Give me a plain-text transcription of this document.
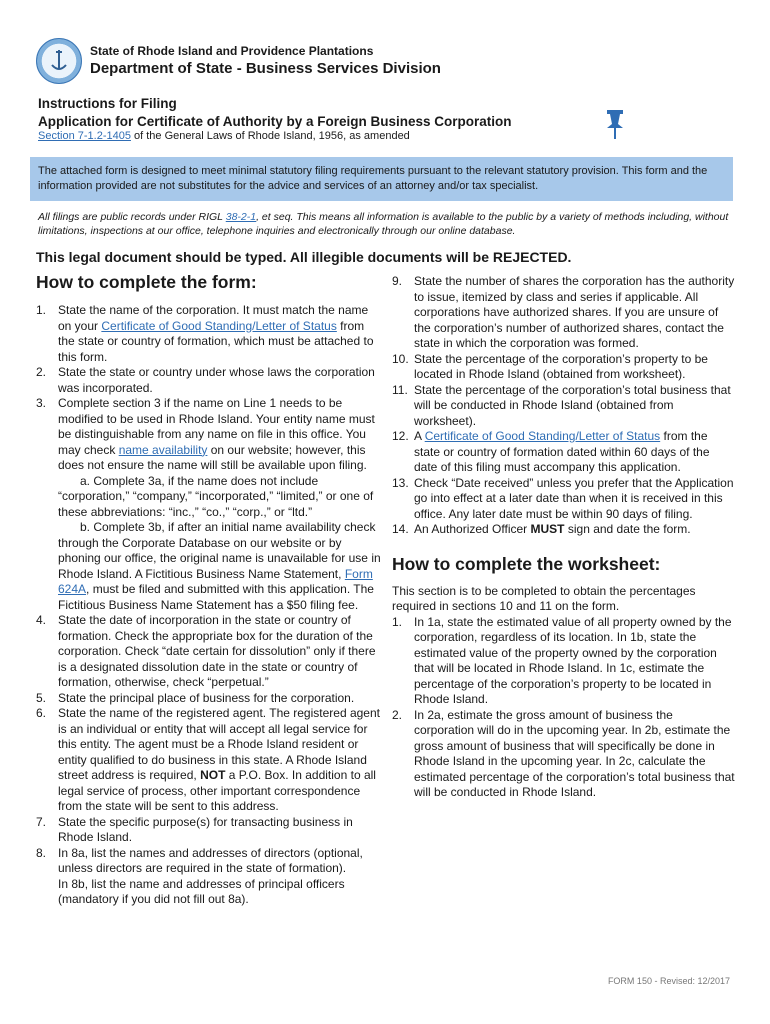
1636
State of Rhode Island and Providence Plantations
Department of State - Business Services Division
Instructions for Filing
Application for Certificate of Authority by a Foreign Business Corporation
Section 7-1.2-1405 of the General Laws of Rhode Island, 1956, as amended
The attached form is designed to meet minimal statutory filing requirements pursuant to the relevant statutory provision. This form and the information provided are not substitutes for the advice and services of an attorney and/or tax specialist.
All filings are public records under RIGL 38-2-1, et seq. This means all information is available to the public by a variety of methods including, without limitations, inspections at our office, telephone inquiries and electronically through our online database.
This legal document should be typed. All illegible documents will be REJECTED.
How to complete the form:
1. State the name of the corporation. It must match the name on your Certificate of Good Standing/Letter of Status from the state or country of formation, which must be attached to this form.
2. State the state or country under whose laws the corporation was incorporated.
3. Complete section 3 if the name on Line 1 needs to be modified to be used in Rhode Island. Your entity name must be distinguishable from any name on file in this office. You may check name availability on our website; however, this does not ensure the name will still be available upon filing.
a. Complete 3a, if the name does not include “corporation,” “company,” “incorporated,” “limited,” or one of these abbreviations: “inc.,” “co.,” “corp.,” or “ltd.”
b. Complete 3b, if after an initial name availability check through the Corporate Database on our website or by phoning our office, the original name is unavailable for use in Rhode Island. A Fictitious Business Name Statement, Form 624A, must be filed and submitted with this application. The Fictitious Business Name Statement has a $50 filing fee.
4. State the date of incorporation in the state or country of formation. Check the appropriate box for the duration of the corporation. Check “date certain for dissolution” only if there is a designated dissolution date in the state or country of formation, otherwise, check “perpetual.”
5. State the principal place of business for the corporation.
6. State the name of the registered agent. The registered agent is an individual or entity that will accept all legal service for this entity. The agent must be a Rhode Island resident or entity qualified to do business in this state. A Rhode Island street address is required, NOT a P.O. Box. In addition to all legal service of process, other important correspondence from the state will be sent to this address.
7. State the specific purpose(s) for transacting business in Rhode Island.
8. In 8a, list the names and addresses of directors (optional, unless directors are required in the state of formation).
In 8b, list the name and addresses of principal officers (mandatory if you did not fill out 8a).
9. State the number of shares the corporation has the authority to issue, itemized by class and series if applicable. All corporations have authorized shares. If you are unsure of the corporation’s number of authorized shares, contact the state in which the corporation was formed.
10. State the percentage of the corporation’s property to be located in Rhode Island (obtained from worksheet).
11. State the percentage of the corporation’s total business that will be conducted in Rhode Island (obtained from worksheet).
12. A Certificate of Good Standing/Letter of Status from the state or country of formation dated within 60 days of the date of this filing must accompany this application.
13. Check “Date received” unless you prefer that the Application go into effect at a later date than when it is received in this office. Any later date must be within 90 days of filing.
14. An Authorized Officer MUST sign and date the form.
How to complete the worksheet:
This section is to be completed to obtain the percentages required in sections 10 and 11 on the form.
1. In 1a, state the estimated value of all property owned by the corporation, regardless of its location. In 1b, state the estimated value of the property owned by the corporation that will be located in Rhode Island. In 1c, estimate the percentage of the corporation’s property to be located in Rhode Island.
2. In 2a, estimate the gross amount of business the corporation will do in the upcoming year. In 2b, estimate the gross amount of business that will specifically be done in Rhode Island in the upcoming year. In 2c, calculate the estimated percentage of the corporation’s total business that will be conducted in Rhode Island.
FORM 150 - Revised: 12/2017
